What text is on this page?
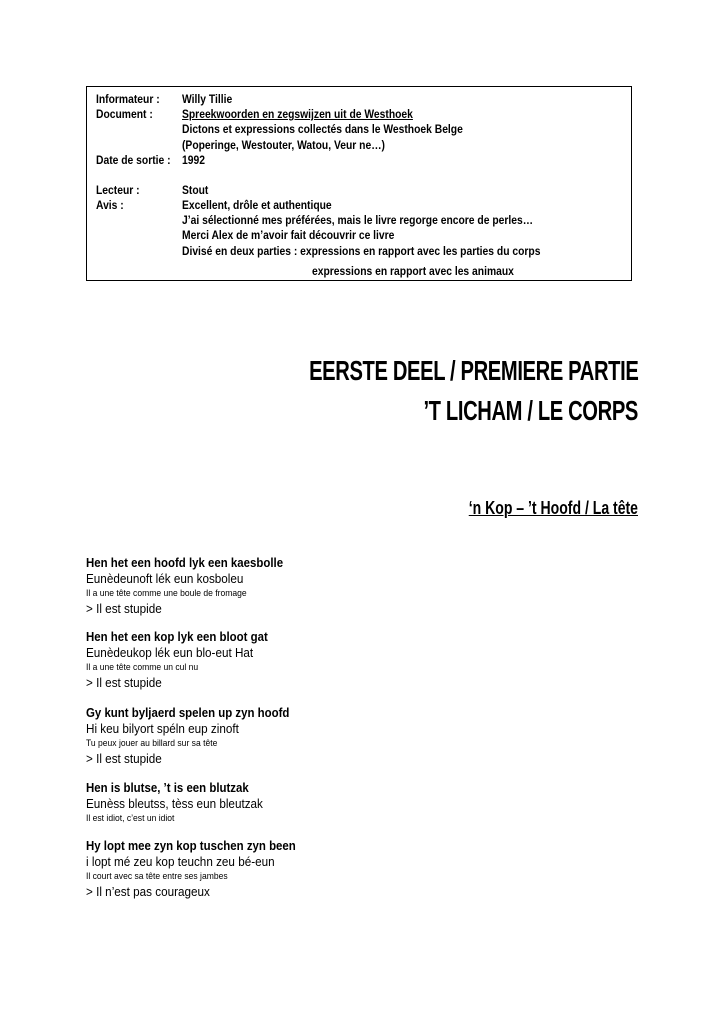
Informateur : Willy Tillie
Document : Spreekwoorden en zegswijzen uit de Westhoek
Dictons et expressions collectés dans le Westhoek Belge
(Poperinge, Westouter, Watou, Veur ne…)
Date de sortie : 1992
Lecteur :	Stout
Avis :	Excellent, drôle et authentique
J’ai sélectionné mes préférées, mais le livre regorge encore de perles…
Merci Alex de m’avoir fait découvrir ce livre
Divisé en deux parties : expressions en rapport avec les parties du corps
expressions en rapport avec les animaux
EERSTE DEEL / PREMIERE PARTIE
’T LICHAM / LE CORPS
‘n Kop – ’t Hoofd / La tête
Hen het een hoofd lyk een kaesbolle
Eunèdeunoft lék eun kosboleu
Il a une tête comme une boule de fromage
> Il est stupide
Hen het een kop lyk een bloot gat
Eunèdeukop lék eun blo-eut Hat
Il a une tête comme un cul nu
> Il est stupide
Gy kunt byljaerd spelen up zyn hoofd
Hi keu bilyort spéln eup zinoft
Tu peux jouer au billard sur sa tête
> Il est stupide
Hen is blutse, ’t is een blutzak
Eunèss bleutss, tèss eun bleutzak
Il est idiot, c’est un idiot
Hy lopt mee zyn kop tuschen zyn been
i lopt mé zeu kop teuchn zeu bé-eun
Il court avec sa tête entre ses jambes
> Il n’est pas courageux
